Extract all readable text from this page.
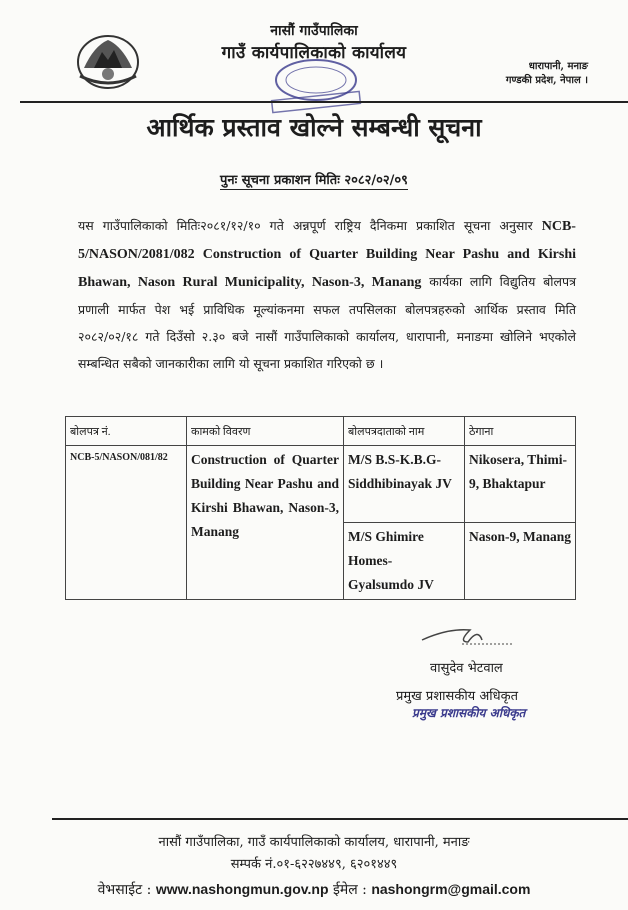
नासौं गाउँपालिका
गाउँ कार्यपालिकाको कार्यालय
धारापानी, मनाङ
गण्डकी प्रदेश, नेपाल ।
आर्थिक प्रस्ताव खोल्ने सम्बन्धी सूचना
पुनः सूचना प्रकाशन मितिः २०८२/०२/०९
यस गाउँपालिकाको मितिः२०८१/१२/१० गते अन्नपूर्ण राष्ट्रिय दैनिकमा प्रकाशित सूचना अनुसार NCB-5/NASON/2081/082 Construction of Quarter Building Near Pashu and Kirshi Bhawan, Nason Rural Municipality, Nason-3, Manang कार्यका लागि विद्युतिय बोलपत्र प्रणाली मार्फत पेश भई प्राविधिक मूल्यांकनमा सफल तपसिलका बोलपत्रहरुको आर्थिक प्रस्ताव मिति २०८२/०२/१८ गते दिउँसो २.३० बजे नासौं गाउँपालिकाको कार्यालय, धारापानी, मनाङमा खोलिने भएकोले सम्बन्धित सबैको जानकारीका लागि यो सूचना प्रकाशित गरिएको छ ।
बोलपत्र नं.	कामको विवरण	बोलपत्रदाताको नाम	ठेगाना
NCB-5/NASON/081/82	Construction of Quarter Building Near Pashu and Kirshi Bhawan, Nason-3, Manang	M/S B.S-K.B.G- Siddhibinayak JV	Nikosera, Thimi-9, Bhaktapur

		M/S Ghimire Homes- Gyalsumdo JV	Nason-9, Manang
वासुदेव भेटवाल
प्रमुख प्रशासकीय अधिकृत
प्रमुख प्रशासकीय अधिकृत
नासौं गाउँपालिका, गाउँ कार्यपालिकाको कार्यालय, धारापानी, मनाङ
सम्पर्क नं.०१-६२२७४४९, ६२०१४४९
वेभसाईट : www.nashongmun.gov.np ईमेल : nashongrm@gmail.com
